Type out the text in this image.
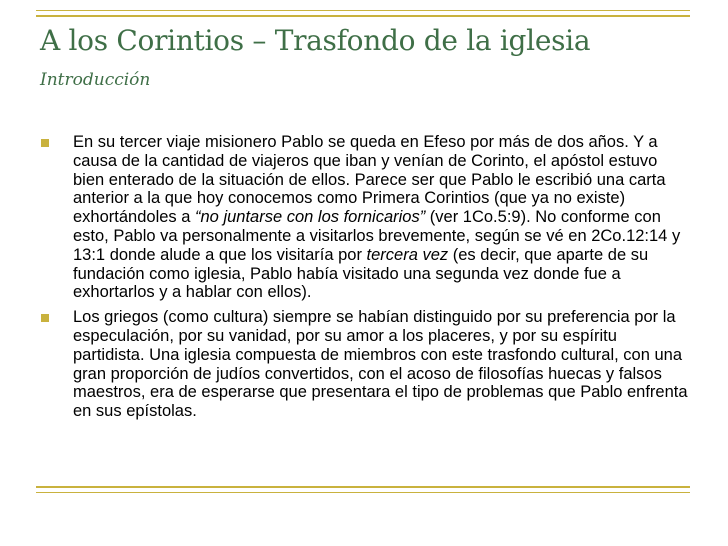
A los Corintios – Trasfondo de la iglesia
Introducción
En su tercer viaje misionero Pablo se queda en Efeso por más de dos años. Y a causa de la cantidad de viajeros que iban y venían de Corinto, el apóstol estuvo bien enterado de la situación de ellos. Parece ser que Pablo le escribió una carta anterior a la que hoy conocemos como Primera Corintios (que ya no existe) exhortándoles a “no juntarse con los fornicarios” (ver 1Co.5:9). No conforme con esto, Pablo va personalmente a visitarlos brevemente, según se vé en 2Co.12:14 y 13:1 donde alude a que los visitaría por tercera vez (es decir, que aparte de su fundación como iglesia, Pablo había visitado una segunda vez donde fue a exhortarlos y a hablar con ellos).
Los griegos (como cultura) siempre se habían distinguido por su preferencia por la especulación, por su vanidad, por su amor a los placeres, y por su espíritu partidista. Una iglesia compuesta de miembros con este trasfondo cultural, con una gran proporción de judíos convertidos, con el acoso de filosofías huecas y falsos maestros, era de esperarse que presentara el tipo de problemas que Pablo enfrenta en sus epístolas.
